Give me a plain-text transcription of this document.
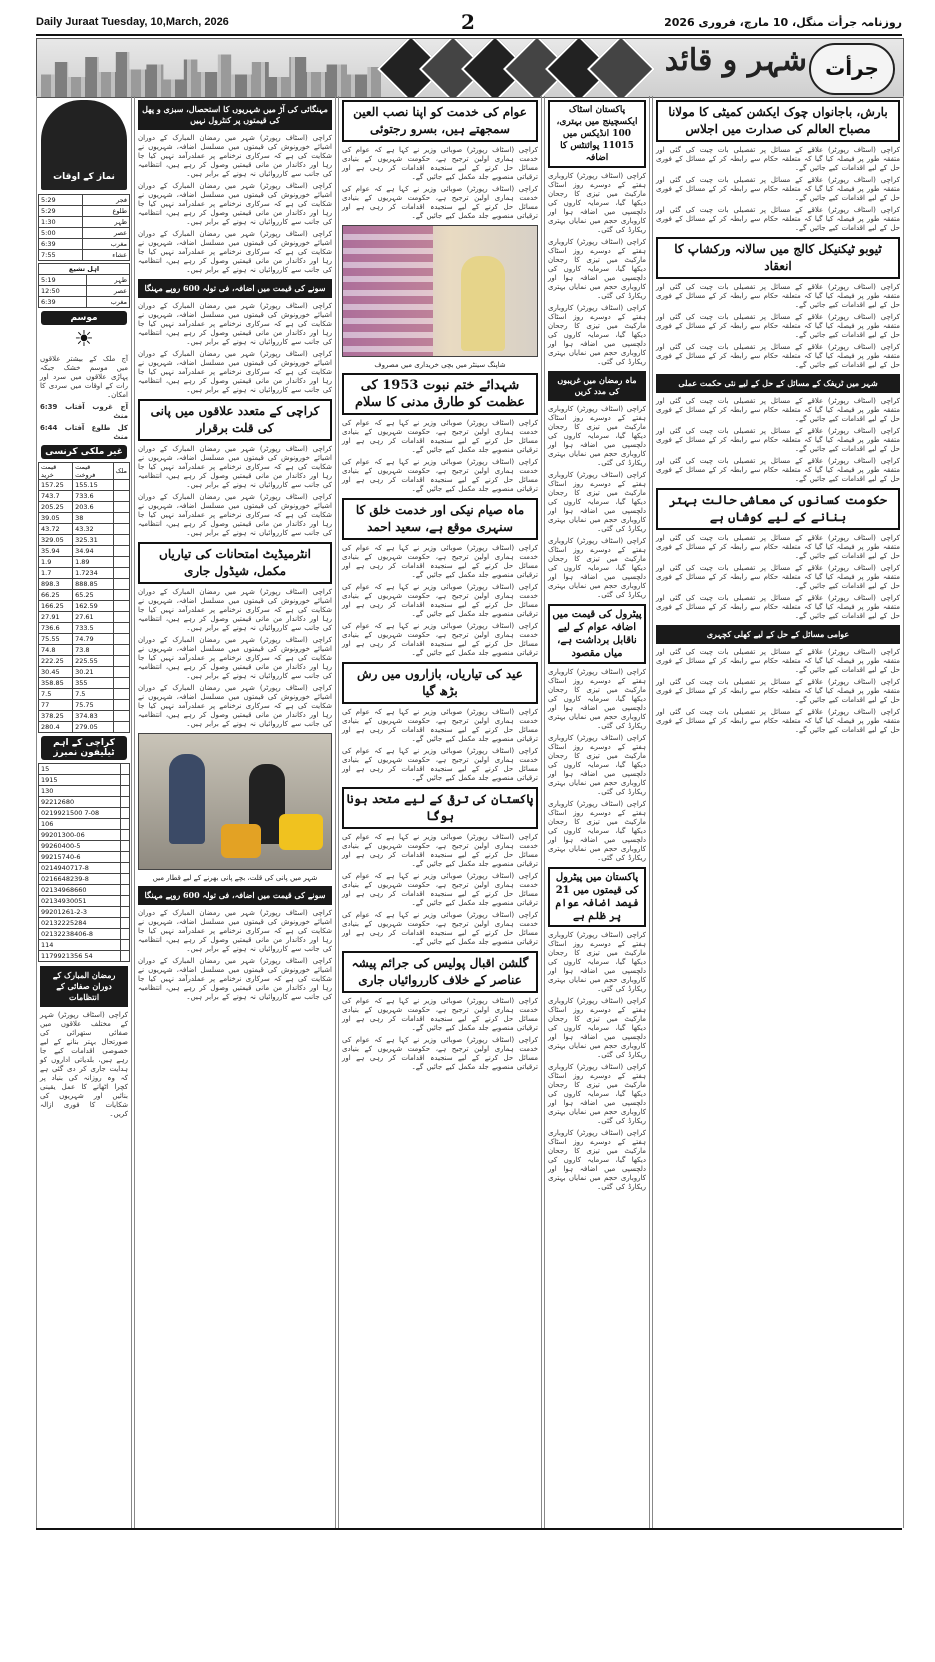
Daily Juraat Tuesday, 10,March, 2026	2	روزنامہ جرأت منگل، 10 مارچ، فروری 2026
شہر و قائد جرأت
نماز کے اوقات
5:29	فجر
5:29	طلوع
1:30	ظہر
5:00	عصر
6:39	مغرب
7:55	عشاء
اہل تشیع	
5:19	ظہر
12:50	عصر
6:39	مغرب
موسم
☀
آج ملک کے بیشتر علاقوں میں موسم خشک جبکہ پہاڑی علاقوں میں سرد اور رات کے اوقات میں سردی کا امکان۔
آج غروب آفتاب 6:39 منٹ
کل طلوع آفتاب 6:44 منٹ
غیر ملکی کرنسی
قیمت خرید	قیمت فروخت	ملک
157.25	155.15	
743.7	733.6	
205.25	203.6	
39.05	38	
43.72	43.32	
329.05	325.31	
35.94	34.94	
1.9	1.89	
1.7	1.7234	
898.3	888.85	
66.25	65.25	
166.25	162.59	
27.91	27.61	
736.6	733.5	
75.55	74.79	
74.8	73.8	
222.25	225.55	
30.45	30.21	
358.85	355	
7.5	7.5	
77	75.75	
378.25	374.83	
280.4	279.05	
کراچی کے اہم ٹیلیفون نمبرز
15	
1915	
130	
92212680	
0219921500 7-08	
106	
99201300-06	
99260400-5	
99215740-6	
0214940717-8	
0216648239-8	
02134968660	
02134930051	
99201261-2-3	
02132225284	
02132238406-8	
114	
1179921356 54	
رمضان المبارک کے دوران صفائی کے انتظامات
کراچی (اسٹاف رپورٹر) شہر کے مختلف علاقوں میں صفائی ستھرائی کی صورتحال بہتر بنانے کے لیے خصوصی اقدامات کیے جا رہے ہیں، بلدیاتی اداروں کو ہدایت جاری کر دی گئی ہے کہ وہ روزانہ کی بنیاد پر کچرا اٹھانے کا عمل یقینی بنائیں اور شہریوں کی شکایات کا فوری ازالہ کریں۔
مہنگائی کی آڑ میں شہریوں کا استحصال، سبزی و پھل کی قیمتوں پر کنٹرول نہیں
کراچی (اسٹاف رپورٹر) شہر میں رمضان المبارک کے دوران اشیائے خورونوش کی قیمتوں میں مسلسل اضافہ، شہریوں نے شکایت کی ہے کہ سرکاری نرخنامے پر عملدرآمد نہیں کیا جا رہا اور دکاندار من مانی قیمتیں وصول کر رہے ہیں، انتظامیہ کی جانب سے کارروائیاں نہ ہونے کے برابر ہیں۔
کراچی (اسٹاف رپورٹر) شہر میں رمضان المبارک کے دوران اشیائے خورونوش کی قیمتوں میں مسلسل اضافہ، شہریوں نے شکایت کی ہے کہ سرکاری نرخنامے پر عملدرآمد نہیں کیا جا رہا اور دکاندار من مانی قیمتیں وصول کر رہے ہیں، انتظامیہ کی جانب سے کارروائیاں نہ ہونے کے برابر ہیں۔
کراچی (اسٹاف رپورٹر) شہر میں رمضان المبارک کے دوران اشیائے خورونوش کی قیمتوں میں مسلسل اضافہ، شہریوں نے شکایت کی ہے کہ سرکاری نرخنامے پر عملدرآمد نہیں کیا جا رہا اور دکاندار من مانی قیمتیں وصول کر رہے ہیں، انتظامیہ کی جانب سے کارروائیاں نہ ہونے کے برابر ہیں۔
سونے کی قیمت میں اضافہ، فی تولہ 600 روپے مہنگا
کراچی (اسٹاف رپورٹر) شہر میں رمضان المبارک کے دوران اشیائے خورونوش کی قیمتوں میں مسلسل اضافہ، شہریوں نے شکایت کی ہے کہ سرکاری نرخنامے پر عملدرآمد نہیں کیا جا رہا اور دکاندار من مانی قیمتیں وصول کر رہے ہیں، انتظامیہ کی جانب سے کارروائیاں نہ ہونے کے برابر ہیں۔
کراچی (اسٹاف رپورٹر) شہر میں رمضان المبارک کے دوران اشیائے خورونوش کی قیمتوں میں مسلسل اضافہ، شہریوں نے شکایت کی ہے کہ سرکاری نرخنامے پر عملدرآمد نہیں کیا جا رہا اور دکاندار من مانی قیمتیں وصول کر رہے ہیں، انتظامیہ کی جانب سے کارروائیاں نہ ہونے کے برابر ہیں۔
کراچی کے متعدد علاقوں میں پانی کی قلت برقرار
کراچی (اسٹاف رپورٹر) شہر میں رمضان المبارک کے دوران اشیائے خورونوش کی قیمتوں میں مسلسل اضافہ، شہریوں نے شکایت کی ہے کہ سرکاری نرخنامے پر عملدرآمد نہیں کیا جا رہا اور دکاندار من مانی قیمتیں وصول کر رہے ہیں، انتظامیہ کی جانب سے کارروائیاں نہ ہونے کے برابر ہیں۔
کراچی (اسٹاف رپورٹر) شہر میں رمضان المبارک کے دوران اشیائے خورونوش کی قیمتوں میں مسلسل اضافہ، شہریوں نے شکایت کی ہے کہ سرکاری نرخنامے پر عملدرآمد نہیں کیا جا رہا اور دکاندار من مانی قیمتیں وصول کر رہے ہیں، انتظامیہ کی جانب سے کارروائیاں نہ ہونے کے برابر ہیں۔
انٹرمیڈیٹ امتحانات کی تیاریاں مکمل، شیڈول جاری
کراچی (اسٹاف رپورٹر) شہر میں رمضان المبارک کے دوران اشیائے خورونوش کی قیمتوں میں مسلسل اضافہ، شہریوں نے شکایت کی ہے کہ سرکاری نرخنامے پر عملدرآمد نہیں کیا جا رہا اور دکاندار من مانی قیمتیں وصول کر رہے ہیں، انتظامیہ کی جانب سے کارروائیاں نہ ہونے کے برابر ہیں۔
کراچی (اسٹاف رپورٹر) شہر میں رمضان المبارک کے دوران اشیائے خورونوش کی قیمتوں میں مسلسل اضافہ، شہریوں نے شکایت کی ہے کہ سرکاری نرخنامے پر عملدرآمد نہیں کیا جا رہا اور دکاندار من مانی قیمتیں وصول کر رہے ہیں، انتظامیہ کی جانب سے کارروائیاں نہ ہونے کے برابر ہیں۔
کراچی (اسٹاف رپورٹر) شہر میں رمضان المبارک کے دوران اشیائے خورونوش کی قیمتوں میں مسلسل اضافہ، شہریوں نے شکایت کی ہے کہ سرکاری نرخنامے پر عملدرآمد نہیں کیا جا رہا اور دکاندار من مانی قیمتیں وصول کر رہے ہیں، انتظامیہ کی جانب سے کارروائیاں نہ ہونے کے برابر ہیں۔
شہر میں پانی کی قلت، بچے پانی بھرنے کے لیے قطار میں
سونے کی قیمت میں اضافہ، فی تولہ 600 روپے مہنگا
کراچی (اسٹاف رپورٹر) شہر میں رمضان المبارک کے دوران اشیائے خورونوش کی قیمتوں میں مسلسل اضافہ، شہریوں نے شکایت کی ہے کہ سرکاری نرخنامے پر عملدرآمد نہیں کیا جا رہا اور دکاندار من مانی قیمتیں وصول کر رہے ہیں، انتظامیہ کی جانب سے کارروائیاں نہ ہونے کے برابر ہیں۔
کراچی (اسٹاف رپورٹر) شہر میں رمضان المبارک کے دوران اشیائے خورونوش کی قیمتوں میں مسلسل اضافہ، شہریوں نے شکایت کی ہے کہ سرکاری نرخنامے پر عملدرآمد نہیں کیا جا رہا اور دکاندار من مانی قیمتیں وصول کر رہے ہیں، انتظامیہ کی جانب سے کارروائیاں نہ ہونے کے برابر ہیں۔
عوام کی خدمت کو اپنا نصب العین سمجھتے ہیں، بسرو رجتوئی
کراچی (اسٹاف رپورٹر) صوبائی وزیر نے کہا ہے کہ عوام کی خدمت ہماری اولین ترجیح ہے، حکومت شہریوں کے بنیادی مسائل حل کرنے کے لیے سنجیدہ اقدامات کر رہی ہے اور ترقیاتی منصوبے جلد مکمل کیے جائیں گے۔
کراچی (اسٹاف رپورٹر) صوبائی وزیر نے کہا ہے کہ عوام کی خدمت ہماری اولین ترجیح ہے، حکومت شہریوں کے بنیادی مسائل حل کرنے کے لیے سنجیدہ اقدامات کر رہی ہے اور ترقیاتی منصوبے جلد مکمل کیے جائیں گے۔
شاپنگ سینٹر میں بچی خریداری میں مصروف
شہدائے ختم نبوت 1953 کی عظمت کو طارق مدنی کا سلام
کراچی (اسٹاف رپورٹر) صوبائی وزیر نے کہا ہے کہ عوام کی خدمت ہماری اولین ترجیح ہے، حکومت شہریوں کے بنیادی مسائل حل کرنے کے لیے سنجیدہ اقدامات کر رہی ہے اور ترقیاتی منصوبے جلد مکمل کیے جائیں گے۔
کراچی (اسٹاف رپورٹر) صوبائی وزیر نے کہا ہے کہ عوام کی خدمت ہماری اولین ترجیح ہے، حکومت شہریوں کے بنیادی مسائل حل کرنے کے لیے سنجیدہ اقدامات کر رہی ہے اور ترقیاتی منصوبے جلد مکمل کیے جائیں گے۔
ماہ صیام نیکی اور خدمت خلق کا سنہری موقع ہے، سعید احمد
کراچی (اسٹاف رپورٹر) صوبائی وزیر نے کہا ہے کہ عوام کی خدمت ہماری اولین ترجیح ہے، حکومت شہریوں کے بنیادی مسائل حل کرنے کے لیے سنجیدہ اقدامات کر رہی ہے اور ترقیاتی منصوبے جلد مکمل کیے جائیں گے۔
کراچی (اسٹاف رپورٹر) صوبائی وزیر نے کہا ہے کہ عوام کی خدمت ہماری اولین ترجیح ہے، حکومت شہریوں کے بنیادی مسائل حل کرنے کے لیے سنجیدہ اقدامات کر رہی ہے اور ترقیاتی منصوبے جلد مکمل کیے جائیں گے۔
کراچی (اسٹاف رپورٹر) صوبائی وزیر نے کہا ہے کہ عوام کی خدمت ہماری اولین ترجیح ہے، حکومت شہریوں کے بنیادی مسائل حل کرنے کے لیے سنجیدہ اقدامات کر رہی ہے اور ترقیاتی منصوبے جلد مکمل کیے جائیں گے۔
عید کی تیاریاں، بازاروں میں رش بڑھ گیا
کراچی (اسٹاف رپورٹر) صوبائی وزیر نے کہا ہے کہ عوام کی خدمت ہماری اولین ترجیح ہے، حکومت شہریوں کے بنیادی مسائل حل کرنے کے لیے سنجیدہ اقدامات کر رہی ہے اور ترقیاتی منصوبے جلد مکمل کیے جائیں گے۔
کراچی (اسٹاف رپورٹر) صوبائی وزیر نے کہا ہے کہ عوام کی خدمت ہماری اولین ترجیح ہے، حکومت شہریوں کے بنیادی مسائل حل کرنے کے لیے سنجیدہ اقدامات کر رہی ہے اور ترقیاتی منصوبے جلد مکمل کیے جائیں گے۔
پاکستان کی ترقی کے لیے متحد ہونا ہوگا
کراچی (اسٹاف رپورٹر) صوبائی وزیر نے کہا ہے کہ عوام کی خدمت ہماری اولین ترجیح ہے، حکومت شہریوں کے بنیادی مسائل حل کرنے کے لیے سنجیدہ اقدامات کر رہی ہے اور ترقیاتی منصوبے جلد مکمل کیے جائیں گے۔
کراچی (اسٹاف رپورٹر) صوبائی وزیر نے کہا ہے کہ عوام کی خدمت ہماری اولین ترجیح ہے، حکومت شہریوں کے بنیادی مسائل حل کرنے کے لیے سنجیدہ اقدامات کر رہی ہے اور ترقیاتی منصوبے جلد مکمل کیے جائیں گے۔
کراچی (اسٹاف رپورٹر) صوبائی وزیر نے کہا ہے کہ عوام کی خدمت ہماری اولین ترجیح ہے، حکومت شہریوں کے بنیادی مسائل حل کرنے کے لیے سنجیدہ اقدامات کر رہی ہے اور ترقیاتی منصوبے جلد مکمل کیے جائیں گے۔
گلشن اقبال پولیس کی جرائم پیشہ عناصر کے خلاف کارروائیاں جاری
کراچی (اسٹاف رپورٹر) صوبائی وزیر نے کہا ہے کہ عوام کی خدمت ہماری اولین ترجیح ہے، حکومت شہریوں کے بنیادی مسائل حل کرنے کے لیے سنجیدہ اقدامات کر رہی ہے اور ترقیاتی منصوبے جلد مکمل کیے جائیں گے۔
کراچی (اسٹاف رپورٹر) صوبائی وزیر نے کہا ہے کہ عوام کی خدمت ہماری اولین ترجیح ہے، حکومت شہریوں کے بنیادی مسائل حل کرنے کے لیے سنجیدہ اقدامات کر رہی ہے اور ترقیاتی منصوبے جلد مکمل کیے جائیں گے۔
پاکستان اسٹاک ایکسچینج میں بہتری، 100 انڈیکس میں 11015 پوائنٹس کا اضافہ
کراچی (اسٹاف رپورٹر) کاروباری ہفتے کے دوسرے روز اسٹاک مارکیٹ میں تیزی کا رجحان دیکھا گیا، سرمایہ کاروں کی دلچسپی میں اضافہ ہوا اور کاروباری حجم میں نمایاں بہتری ریکارڈ کی گئی۔
کراچی (اسٹاف رپورٹر) کاروباری ہفتے کے دوسرے روز اسٹاک مارکیٹ میں تیزی کا رجحان دیکھا گیا، سرمایہ کاروں کی دلچسپی میں اضافہ ہوا اور کاروباری حجم میں نمایاں بہتری ریکارڈ کی گئی۔
کراچی (اسٹاف رپورٹر) کاروباری ہفتے کے دوسرے روز اسٹاک مارکیٹ میں تیزی کا رجحان دیکھا گیا، سرمایہ کاروں کی دلچسپی میں اضافہ ہوا اور کاروباری حجم میں نمایاں بہتری ریکارڈ کی گئی۔
ماہ رمضان میں غریبوں کی مدد کریں
کراچی (اسٹاف رپورٹر) کاروباری ہفتے کے دوسرے روز اسٹاک مارکیٹ میں تیزی کا رجحان دیکھا گیا، سرمایہ کاروں کی دلچسپی میں اضافہ ہوا اور کاروباری حجم میں نمایاں بہتری ریکارڈ کی گئی۔
کراچی (اسٹاف رپورٹر) کاروباری ہفتے کے دوسرے روز اسٹاک مارکیٹ میں تیزی کا رجحان دیکھا گیا، سرمایہ کاروں کی دلچسپی میں اضافہ ہوا اور کاروباری حجم میں نمایاں بہتری ریکارڈ کی گئی۔
کراچی (اسٹاف رپورٹر) کاروباری ہفتے کے دوسرے روز اسٹاک مارکیٹ میں تیزی کا رجحان دیکھا گیا، سرمایہ کاروں کی دلچسپی میں اضافہ ہوا اور کاروباری حجم میں نمایاں بہتری ریکارڈ کی گئی۔
پیٹرول کی قیمت میں اضافہ عوام کے لیے ناقابل برداشت ہے، میاں مقصود
کراچی (اسٹاف رپورٹر) کاروباری ہفتے کے دوسرے روز اسٹاک مارکیٹ میں تیزی کا رجحان دیکھا گیا، سرمایہ کاروں کی دلچسپی میں اضافہ ہوا اور کاروباری حجم میں نمایاں بہتری ریکارڈ کی گئی۔
کراچی (اسٹاف رپورٹر) کاروباری ہفتے کے دوسرے روز اسٹاک مارکیٹ میں تیزی کا رجحان دیکھا گیا، سرمایہ کاروں کی دلچسپی میں اضافہ ہوا اور کاروباری حجم میں نمایاں بہتری ریکارڈ کی گئی۔
کراچی (اسٹاف رپورٹر) کاروباری ہفتے کے دوسرے روز اسٹاک مارکیٹ میں تیزی کا رجحان دیکھا گیا، سرمایہ کاروں کی دلچسپی میں اضافہ ہوا اور کاروباری حجم میں نمایاں بہتری ریکارڈ کی گئی۔
پاکستان میں پیٹرول کی قیمتوں میں 21 فیصد اضافہ عوام پر ظلم ہے
کراچی (اسٹاف رپورٹر) کاروباری ہفتے کے دوسرے روز اسٹاک مارکیٹ میں تیزی کا رجحان دیکھا گیا، سرمایہ کاروں کی دلچسپی میں اضافہ ہوا اور کاروباری حجم میں نمایاں بہتری ریکارڈ کی گئی۔
کراچی (اسٹاف رپورٹر) کاروباری ہفتے کے دوسرے روز اسٹاک مارکیٹ میں تیزی کا رجحان دیکھا گیا، سرمایہ کاروں کی دلچسپی میں اضافہ ہوا اور کاروباری حجم میں نمایاں بہتری ریکارڈ کی گئی۔
کراچی (اسٹاف رپورٹر) کاروباری ہفتے کے دوسرے روز اسٹاک مارکیٹ میں تیزی کا رجحان دیکھا گیا، سرمایہ کاروں کی دلچسپی میں اضافہ ہوا اور کاروباری حجم میں نمایاں بہتری ریکارڈ کی گئی۔
کراچی (اسٹاف رپورٹر) کاروباری ہفتے کے دوسرے روز اسٹاک مارکیٹ میں تیزی کا رجحان دیکھا گیا، سرمایہ کاروں کی دلچسپی میں اضافہ ہوا اور کاروباری حجم میں نمایاں بہتری ریکارڈ کی گئی۔
بارش، باجانواں چوک ایکشن کمیٹی کا مولانا مصباح العالم کی صدارت میں اجلاس
کراچی (اسٹاف رپورٹر) علاقے کے مسائل پر تفصیلی بات چیت کی گئی اور متفقہ طور پر فیصلہ کیا گیا کہ متعلقہ حکام سے رابطہ کر کے مسائل کے فوری حل کے لیے اقدامات کیے جائیں گے۔
کراچی (اسٹاف رپورٹر) علاقے کے مسائل پر تفصیلی بات چیت کی گئی اور متفقہ طور پر فیصلہ کیا گیا کہ متعلقہ حکام سے رابطہ کر کے مسائل کے فوری حل کے لیے اقدامات کیے جائیں گے۔
کراچی (اسٹاف رپورٹر) علاقے کے مسائل پر تفصیلی بات چیت کی گئی اور متفقہ طور پر فیصلہ کیا گیا کہ متعلقہ حکام سے رابطہ کر کے مسائل کے فوری حل کے لیے اقدامات کیے جائیں گے۔
ٹیوبو ٹیکنیکل کالج میں سالانہ ورکشاپ کا انعقاد
کراچی (اسٹاف رپورٹر) علاقے کے مسائل پر تفصیلی بات چیت کی گئی اور متفقہ طور پر فیصلہ کیا گیا کہ متعلقہ حکام سے رابطہ کر کے مسائل کے فوری حل کے لیے اقدامات کیے جائیں گے۔
کراچی (اسٹاف رپورٹر) علاقے کے مسائل پر تفصیلی بات چیت کی گئی اور متفقہ طور پر فیصلہ کیا گیا کہ متعلقہ حکام سے رابطہ کر کے مسائل کے فوری حل کے لیے اقدامات کیے جائیں گے۔
کراچی (اسٹاف رپورٹر) علاقے کے مسائل پر تفصیلی بات چیت کی گئی اور متفقہ طور پر فیصلہ کیا گیا کہ متعلقہ حکام سے رابطہ کر کے مسائل کے فوری حل کے لیے اقدامات کیے جائیں گے۔
شہر میں ٹریفک کے مسائل کے حل کے لیے نئی حکمت عملی
کراچی (اسٹاف رپورٹر) علاقے کے مسائل پر تفصیلی بات چیت کی گئی اور متفقہ طور پر فیصلہ کیا گیا کہ متعلقہ حکام سے رابطہ کر کے مسائل کے فوری حل کے لیے اقدامات کیے جائیں گے۔
کراچی (اسٹاف رپورٹر) علاقے کے مسائل پر تفصیلی بات چیت کی گئی اور متفقہ طور پر فیصلہ کیا گیا کہ متعلقہ حکام سے رابطہ کر کے مسائل کے فوری حل کے لیے اقدامات کیے جائیں گے۔
کراچی (اسٹاف رپورٹر) علاقے کے مسائل پر تفصیلی بات چیت کی گئی اور متفقہ طور پر فیصلہ کیا گیا کہ متعلقہ حکام سے رابطہ کر کے مسائل کے فوری حل کے لیے اقدامات کیے جائیں گے۔
حکومت کسانوں کی معاشی حالت بہتر بنانے کے لیے کوشاں ہے
کراچی (اسٹاف رپورٹر) علاقے کے مسائل پر تفصیلی بات چیت کی گئی اور متفقہ طور پر فیصلہ کیا گیا کہ متعلقہ حکام سے رابطہ کر کے مسائل کے فوری حل کے لیے اقدامات کیے جائیں گے۔
کراچی (اسٹاف رپورٹر) علاقے کے مسائل پر تفصیلی بات چیت کی گئی اور متفقہ طور پر فیصلہ کیا گیا کہ متعلقہ حکام سے رابطہ کر کے مسائل کے فوری حل کے لیے اقدامات کیے جائیں گے۔
کراچی (اسٹاف رپورٹر) علاقے کے مسائل پر تفصیلی بات چیت کی گئی اور متفقہ طور پر فیصلہ کیا گیا کہ متعلقہ حکام سے رابطہ کر کے مسائل کے فوری حل کے لیے اقدامات کیے جائیں گے۔
عوامی مسائل کے حل کے لیے کھلی کچہری
کراچی (اسٹاف رپورٹر) علاقے کے مسائل پر تفصیلی بات چیت کی گئی اور متفقہ طور پر فیصلہ کیا گیا کہ متعلقہ حکام سے رابطہ کر کے مسائل کے فوری حل کے لیے اقدامات کیے جائیں گے۔
کراچی (اسٹاف رپورٹر) علاقے کے مسائل پر تفصیلی بات چیت کی گئی اور متفقہ طور پر فیصلہ کیا گیا کہ متعلقہ حکام سے رابطہ کر کے مسائل کے فوری حل کے لیے اقدامات کیے جائیں گے۔
کراچی (اسٹاف رپورٹر) علاقے کے مسائل پر تفصیلی بات چیت کی گئی اور متفقہ طور پر فیصلہ کیا گیا کہ متعلقہ حکام سے رابطہ کر کے مسائل کے فوری حل کے لیے اقدامات کیے جائیں گے۔
